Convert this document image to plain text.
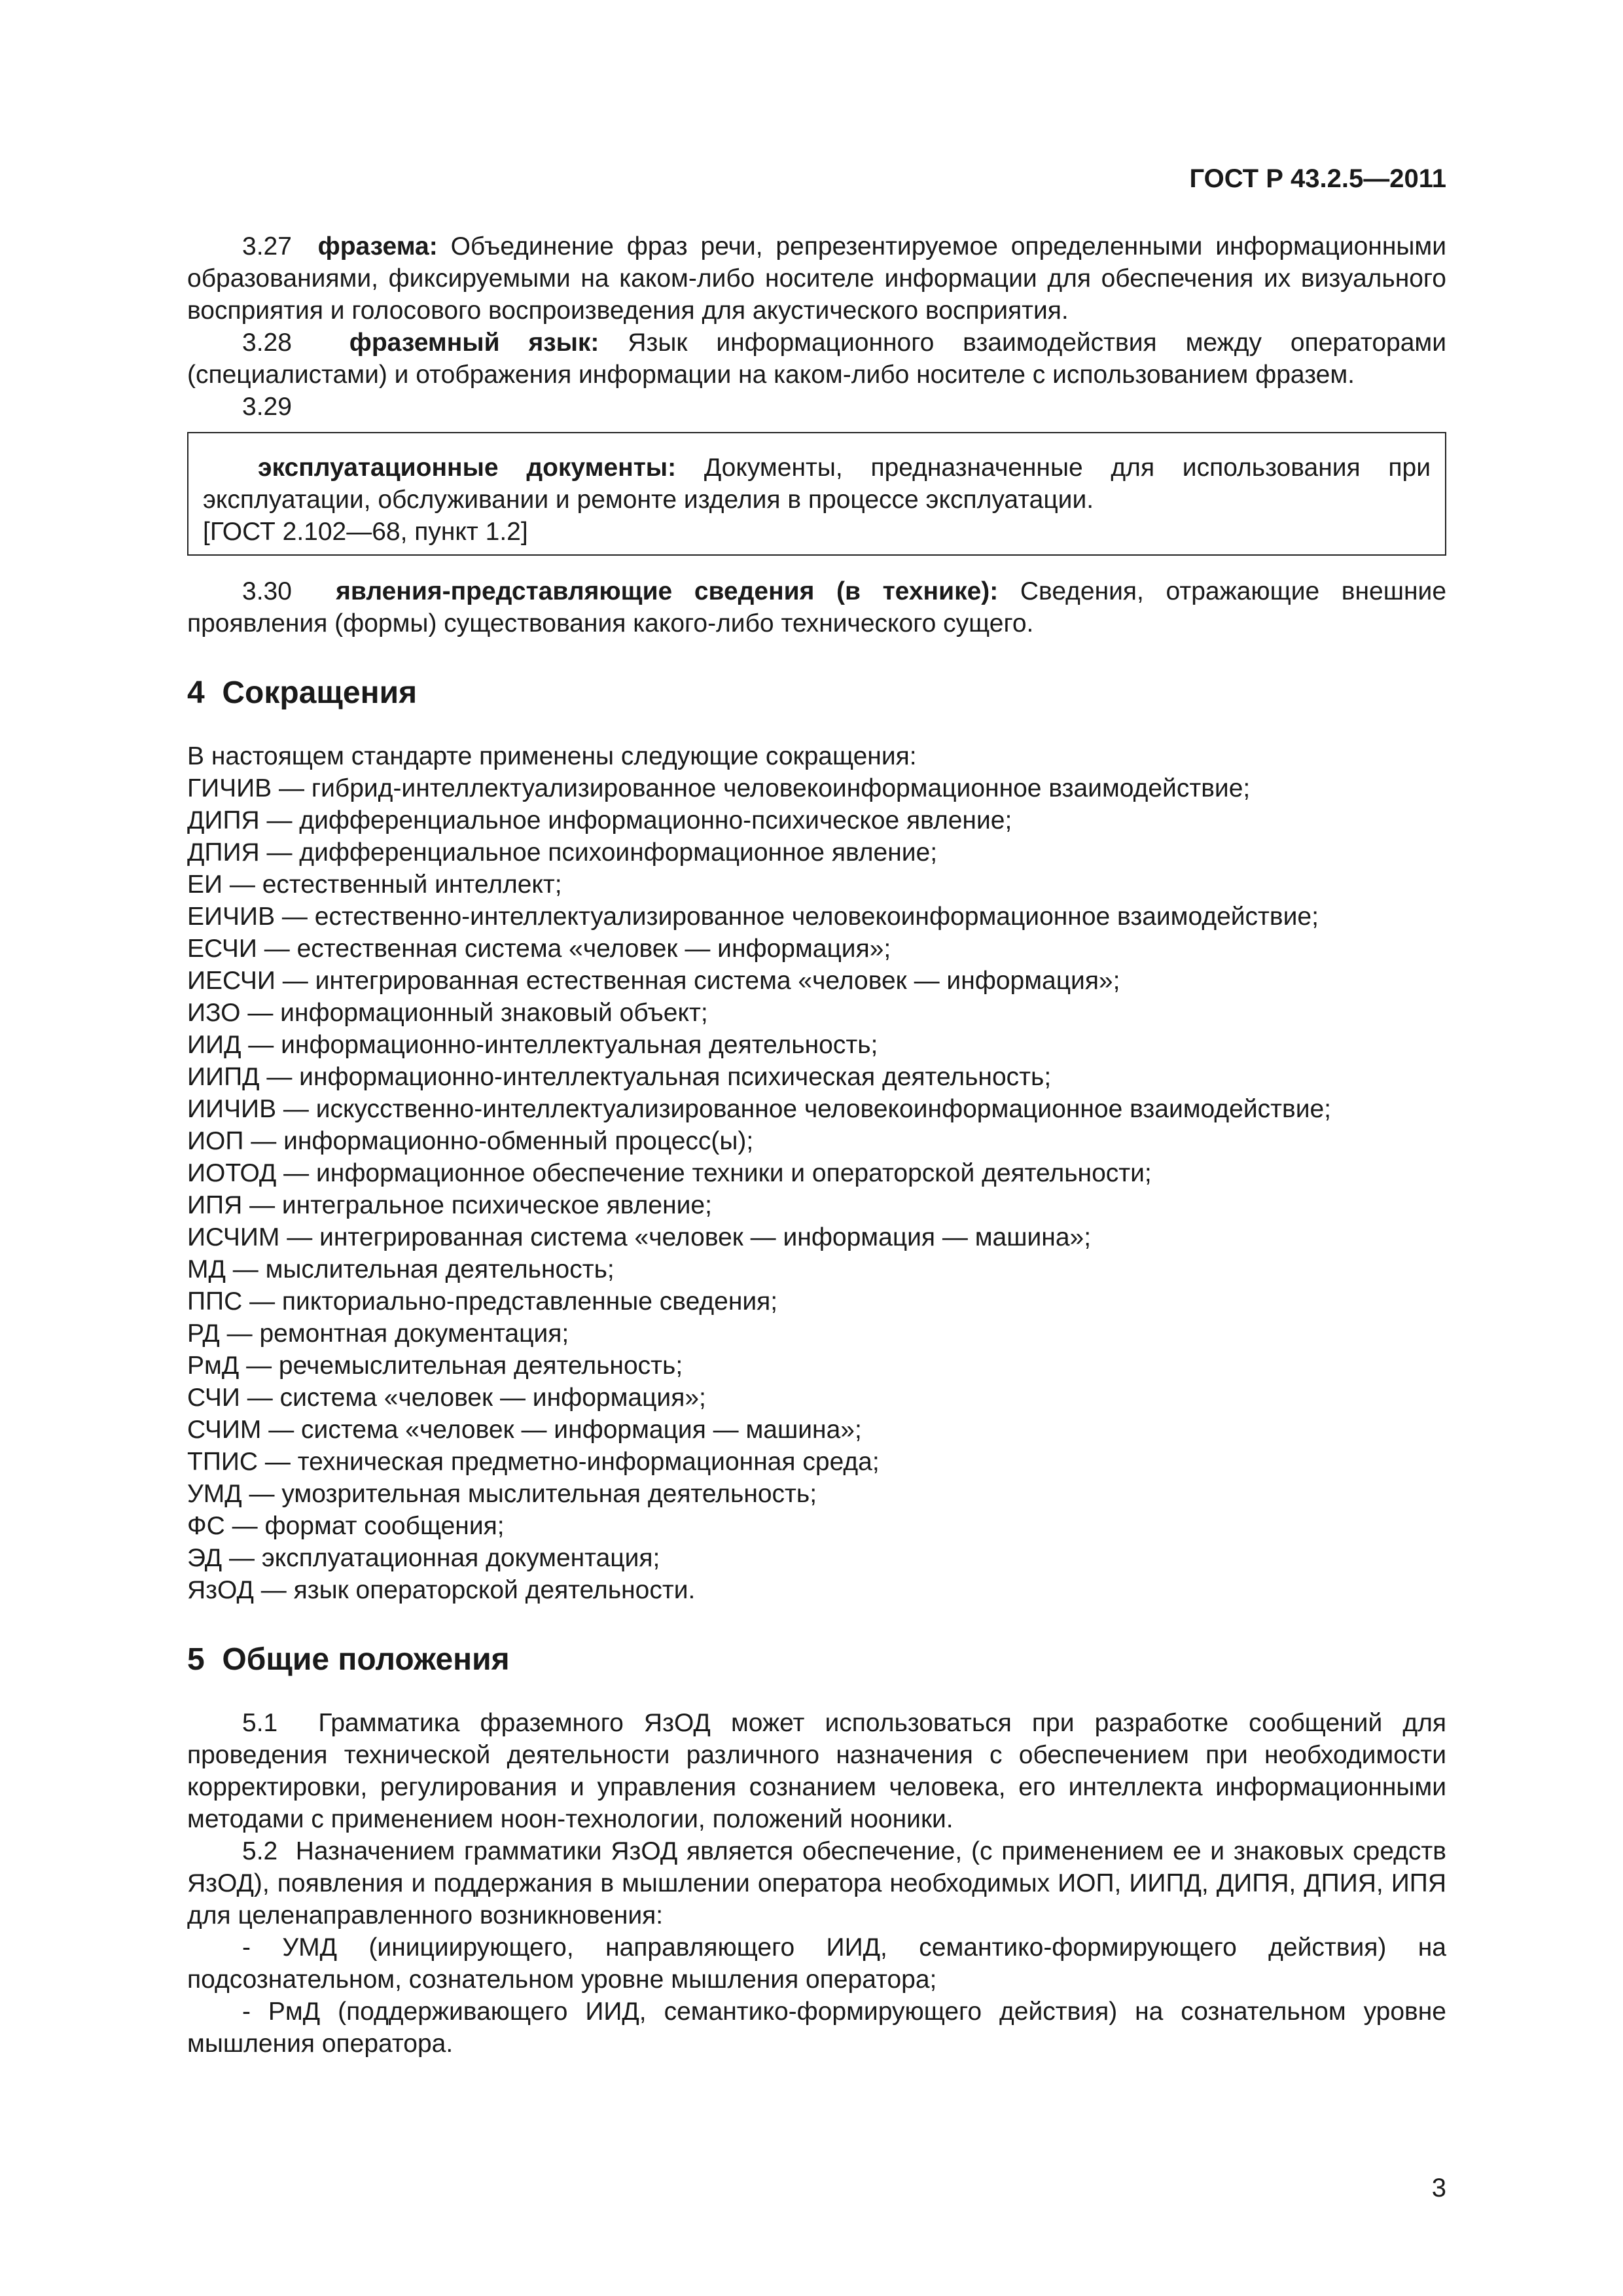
ГОСТ Р 43.2.5—2011

3.27 фразема: Объединение фраз речи, репрезентируемое определенными информационными образованиями, фиксируемыми на каком-либо носителе информации для обеспечения их визуального восприятия и голосового воспроизведения для акустического восприятия.

3.28 фраземный язык: Язык информационного взаимодействия между операторами (специалистами) и отображения информации на каком-либо носителе с использованием фразем.

3.29

эксплуатационные документы: Документы, предназначенные для использования при эксплуатации, обслуживании и ремонте изделия в процессе эксплуатации.

[ГОСТ 2.102—68, пункт 1.2]

3.30 явления-представляющие сведения (в технике): Сведения, отражающие внешние проявления (формы) существования какого-либо технического сущего.

4  Сокращения

В настоящем стандарте применены следующие сокращения:

ГИЧИВ — гибрид-интеллектуализированное человекоинформационное взаимодействие;

ДИПЯ — дифференциальное информационно-психическое явление;

ДПИЯ — дифференциальное психоинформационное явление;

ЕИ — естественный интеллект;

ЕИЧИВ — естественно-интеллектуализированное человекоинформационное взаимодействие;

ЕСЧИ — естественная система «человек — информация»;

ИЕСЧИ — интегрированная естественная система «человек — информация»;

ИЗО — информационный знаковый объект;

ИИД — информационно-интеллектуальная деятельность;

ИИПД — информационно-интеллектуальная психическая деятельность;

ИИЧИВ — искусственно-интеллектуализированное человекоинформационное взаимодействие;

ИОП — информационно-обменный процесс(ы);

ИОТОД — информационное обеспечение техники и операторской деятельности;

ИПЯ — интегральное психическое явление;

ИСЧИМ — интегрированная система «человек — информация — машина»;

МД — мыслительная деятельность;

ППС — пикториально-представленные сведения;

РД — ремонтная документация;

РмД — речемыслительная деятельность;

СЧИ — система «человек — информация»;

СЧИМ — система «человек — информация — машина»;

ТПИС — техническая предметно-информационная среда;

УМД — умозрительная мыслительная деятельность;

ФС — формат сообщения;

ЭД — эксплуатационная документация;

ЯзОД — язык операторской деятельности.

5  Общие положения

5.1  Грамматика фраземного ЯзОД может использоваться при разработке сообщений для проведения технической деятельности различного назначения с обеспечением при необходимости корректировки, регулирования и управления сознанием человека, его интеллекта информационными методами с применением ноон-технологии, положений нооники.

5.2  Назначением грамматики ЯзОД является обеспечение, (с применением ее и знаковых средств ЯзОД), появления и поддержания в мышлении оператора необходимых ИОП, ИИПД, ДИПЯ, ДПИЯ, ИПЯ для целенаправленного возникновения:

- УМД (инициирующего, направляющего ИИД, семантико-формирующего действия) на подсознательном, сознательном уровне мышления оператора;

- РмД (поддерживающего ИИД, семантико-формирующего действия) на сознательном уровне мышления оператора.

3
